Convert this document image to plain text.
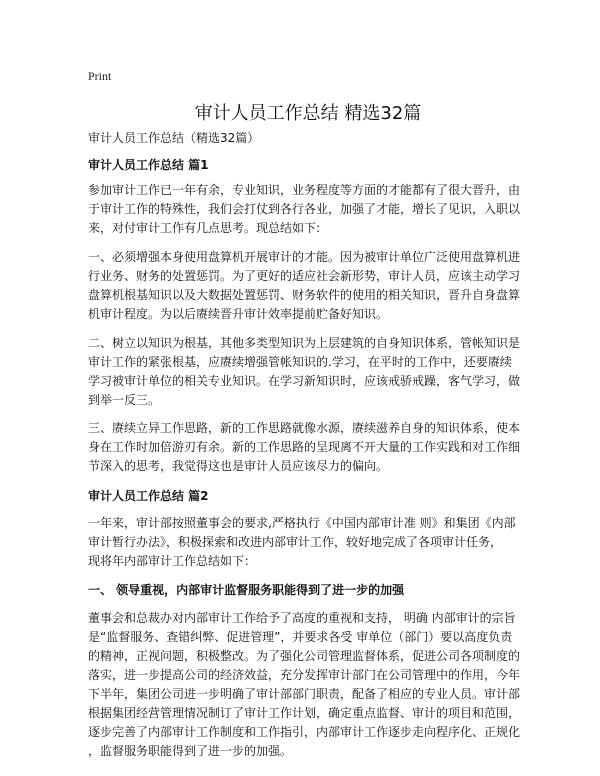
Print
审计人员工作总结 精选32篇
审计人员工作总结（精选32篇）
审计人员工作总结 篇1
参加审计工作已一年有余，专业知识，业务程度等方面的才能都有了很大晋升，由
于审计工作的特殊性，我们会打仗到各行各业，加强了才能，增长了见识，入职以
来，对付审计工作有几点思考。现总结如下:
一、必须增强本身使用盘算机开展审计的才能。因为被审计单位广泛使用盘算机进
行业务、财务的处置惩罚。为了更好的适应社会新形势，审计人员，应该主动学习
盘算机根基知识以及大数据处置惩罚、财务软件的使用的相关知识，晋升自身盘算
机审计程度。为以后赓续晋升审计效率提前贮备好知识。
二、树立以知识为根基，其他多类型知识为上层建筑的自身知识体系，管帐知识是
审计工作的紧张根基，应赓续增强管帐知识的.学习，在平时的工作中，还要赓续
学习被审计单位的相关专业知识。在学习新知识时，应该戒骄戒躁，客气学习，做
到举一反三。
三、赓续立异工作思路，新的工作思路就像水源，赓续滋养自身的知识体系，使本
身在工作时加倍游刃有余。新的工作思路的呈现离不开大量的工作实践和对工作细
节深入的思考，我觉得这也是审计人员应该尽力的偏向。
审计人员工作总结 篇2
一年来，审计部按照董事会的要求,严格执行《中国内部审计准 则》和集团《内部
审计暂行办法》，积极探索和改进内部审计工作，较好地完成了各项审计任务，
现将年内部审计工作总结如下：
一、 领导重视，内部审计监督服务职能得到了进一步的加强
董事会和总裁办对内部审计工作给予了高度的重视和支持， 明确 内部审计的宗旨
是“监督服务、查错纠弊、促进管理”，并要求各受 审单位（部门）要以高度负责
的精神，正视问题，积极整改。为了强化公司管理监督体系，促进公司各项制度的
落实，进一步提高公司的经济效益，充分发挥审计部门在公司管理中的作用，今年
下半年，集团公司进一步明确了审计部部门职责，配备了相应的专业人员。审计部
根据集团经营管理情况制订了审计工作计划，确定重点监督、审计的项目和范围，
逐步完善了内部审计工作制度和工作指引，内部审计工作逐步走向程序化、正规化
，监督服务职能得到了进一步的加强。
